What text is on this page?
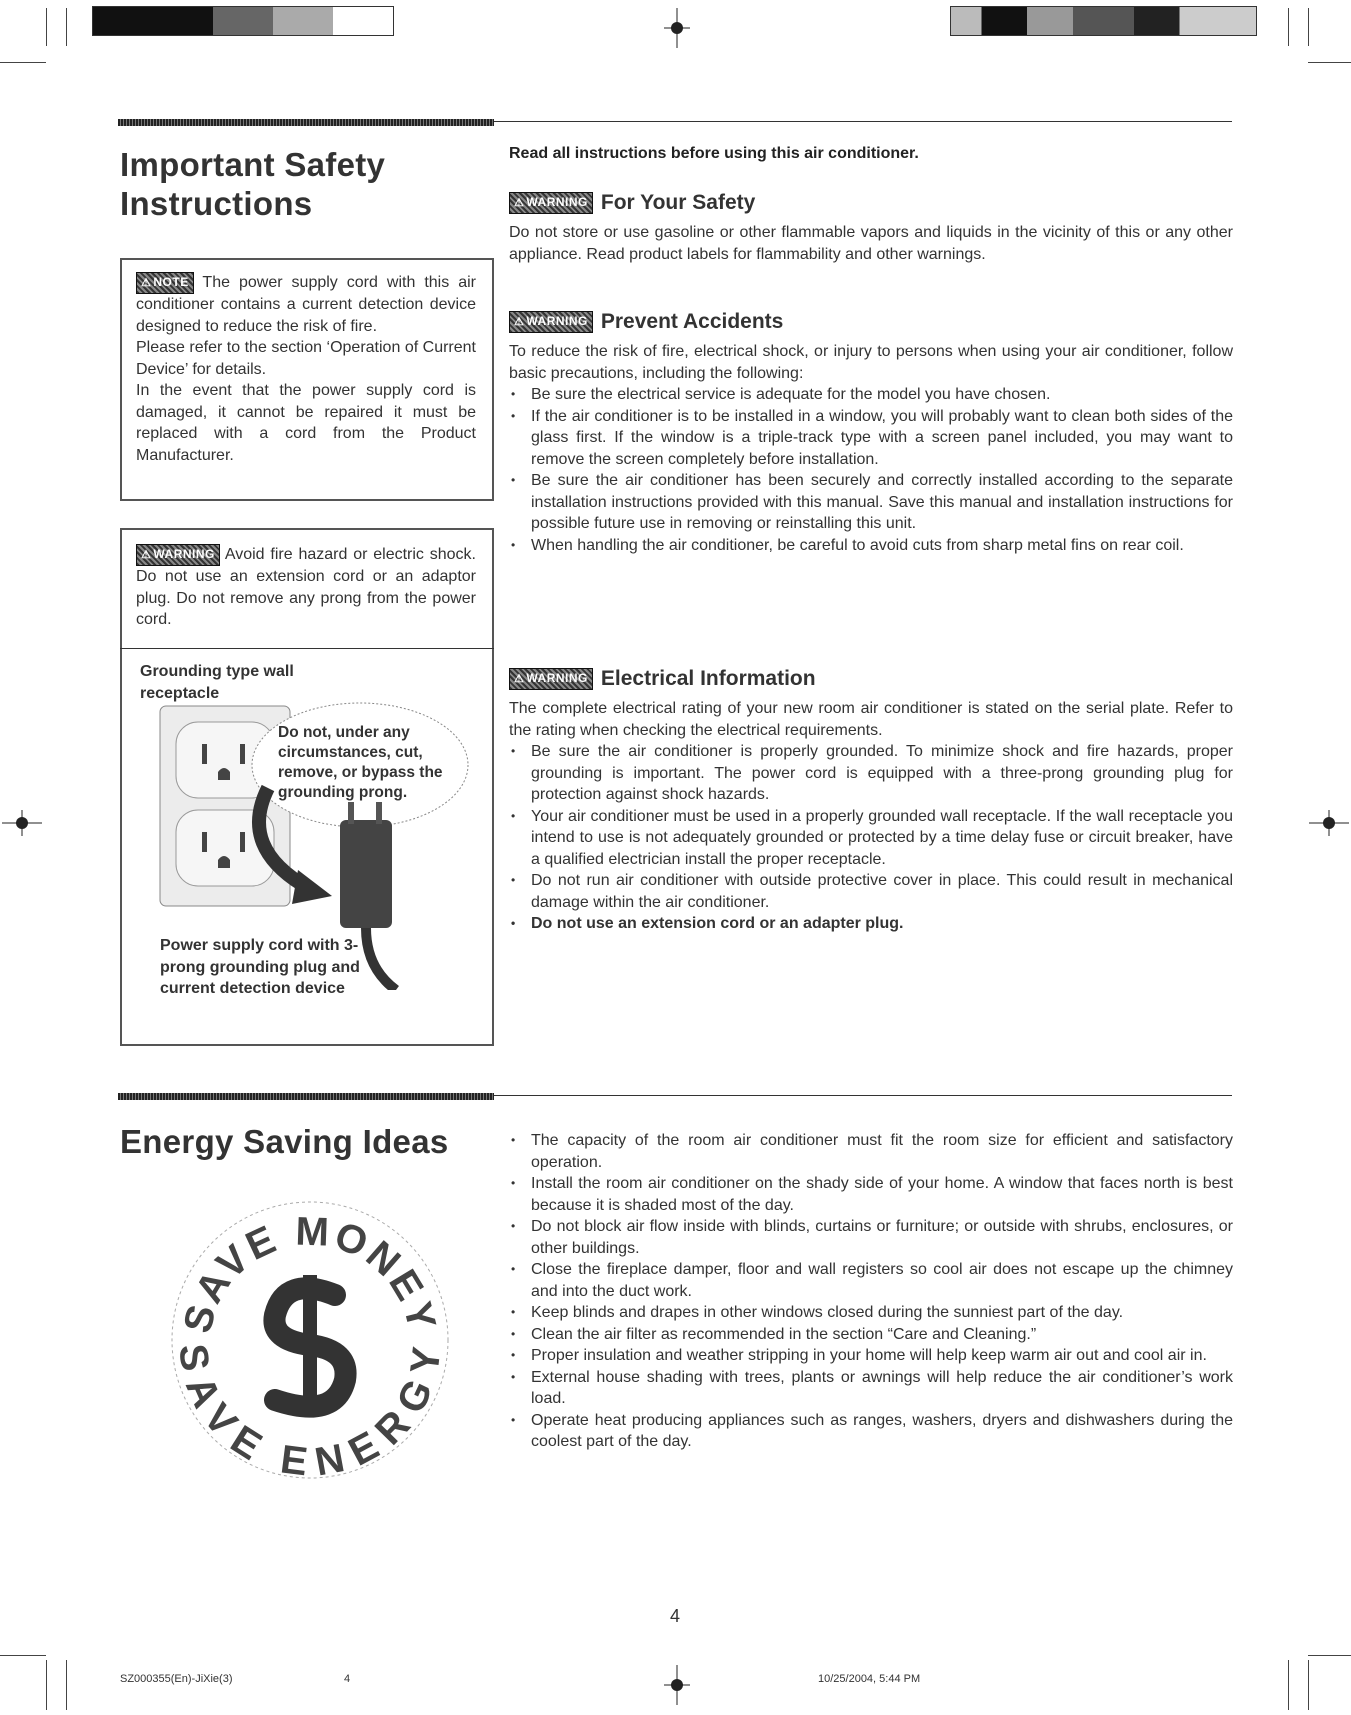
Important Safety
Instructions
Read all instructions before using this air conditioner.
⚠ WARNING For Your Safety

Do not store or use gasoline or other flammable vapors and liquids in the vicinity of this or any other appliance. Read product labels for flammability and other warnings.

⚠ NOTE The power supply cord with this air conditioner contains a current detection device designed to reduce the risk of fire.

Please refer to the section ‘Operation of Current Device’ for details.

In the event that the power supply cord is damaged, it cannot be repaired it must be replaced with a cord from the Product Manufacturer.

⚠ WARNING Prevent Accidents

To reduce the risk of fire, electrical shock, or injury to persons when using your air conditioner, follow basic precautions, including the following:

• Be sure the electrical service is adequate for the model you have chosen.
• If the air conditioner is to be installed in a window, you will probably want to clean both sides of the glass first. If the window is a triple-track type with a screen panel included, you may want to remove the screen completely before installation.
• Be sure the air conditioner has been securely and correctly installed according to the separate installation instructions provided with this manual. Save this manual and installation instructions for possible future use in removing or reinstalling this unit.
• When handling the air conditioner, be careful to avoid cuts from sharp metal fins on rear coil.

⚠ WARNING Avoid fire hazard or electric shock. Do not use an extension cord or an adaptor plug. Do not remove any prong from the power cord.

Grounding type wall receptacle
Do not, under any circumstances, cut, remove, or bypass the grounding prong.
Power supply cord with 3-prong grounding plug and current detection device
⚠ WARNING Electrical Information

The complete electrical rating of your new room air conditioner is stated on the serial plate. Refer to the rating when checking the electrical requirements.

• Be sure the air conditioner is properly grounded. To minimize shock and fire hazards, proper grounding is important. The power cord is equipped with a three-prong grounding plug for protection against shock hazards.
• Your air conditioner must be used in a properly grounded wall receptacle. If the wall receptacle you intend to use is not adequately grounded or protected by a time delay fuse or circuit breaker, have a qualified electrician install the proper receptacle.
• Do not run air conditioner with outside protective cover in place. This could result in mechanical damage within the air conditioner.
• Do not use an extension cord or an adapter plug.
Energy Saving Ideas
SAVE MONEY
SAVE ENERGY
• The capacity of the room air conditioner must fit the room size for efficient and satisfactory operation.
• Install the room air conditioner on the shady side of your home. A window that faces north is best because it is shaded most of the day.
• Do not block air flow inside with blinds, curtains or furniture; or outside with shrubs, enclosures, or other buildings.
• Close the fireplace damper, floor and wall registers so cool air does not escape up the chimney and into the duct work.
• Keep blinds and drapes in other windows closed during the sunniest part of the day.
• Clean the air filter as recommended in the section “Care and Cleaning.”
• Proper insulation and weather stripping in your home will help keep warm air out and cool air in.
• External house shading with trees, plants or awnings will help reduce the air conditioner’s work load.
• Operate heat producing appliances such as ranges, washers, dryers and dishwashers during the coolest part of the day.
4
SZ000355(En)-JiXie(3)	4	10/25/2004, 5:44 PM
